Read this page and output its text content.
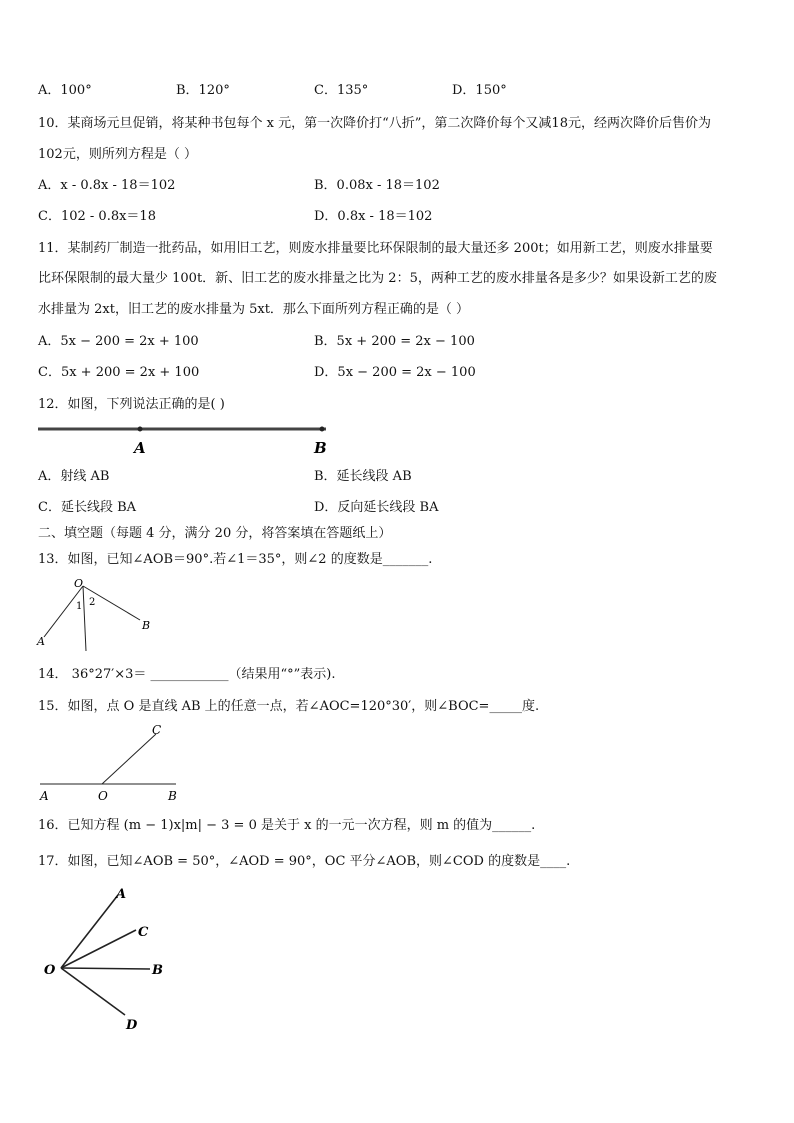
A．100°	B．120°	C．135°	D．150°
10．某商场元旦促销，将某种书包每个 x 元，第一次降价打“八折”，第二次降价每个又减18元，经两次降价后售价为
102元，则所列方程是（ ）
A．x - 0.8x - 18＝102	B．0.08x - 18＝102
C．102 - 0.8x＝18	D．0.8x - 18＝102
11．某制药厂制造一批药品，如用旧工艺，则废水排量要比环保限制的最大量还多 200t；如用新工艺，则废水排量要
比环保限制的最大量少 100t．新、旧工艺的废水排量之比为 2：5，两种工艺的废水排量各是多少？如果设新工艺的废
水排量为 2xt，旧工艺的废水排量为 5xt．那么下面所列方程正确的是（ ）
A．5x − 200 = 2x + 100	B．5x + 200 = 2x − 100
C．5x + 200 = 2x + 100	D．5x − 200 = 2x − 100
12．如图，下列说法正确的是( )
A	B
A．射线 AB	B．延长线段 AB
C．延长线段 BA	D．反向延长线段 BA
二、填空题（每题 4 分，满分 20 分，将答案填在答题纸上）
13．如图，已知∠AOB＝90°.若∠1＝35°，则∠2 的度数是_______.
O
1 2
A
B
14． 36°27′×3＝ ____________（结果用“°”表示).
15．如图，点 O 是直线 AB 上的任意一点，若∠AOC=120°30′，则∠BOC=_____度.
C
A	O	B
16．已知方程 (m − 1)x|m| − 3 = 0 是关于 x 的一元一次方程，则 m 的值为______.
17．如图，已知∠AOB = 50°，∠AOD = 90°，OC 平分∠AOB，则∠COD 的度数是____.
A
C
O	B
D
